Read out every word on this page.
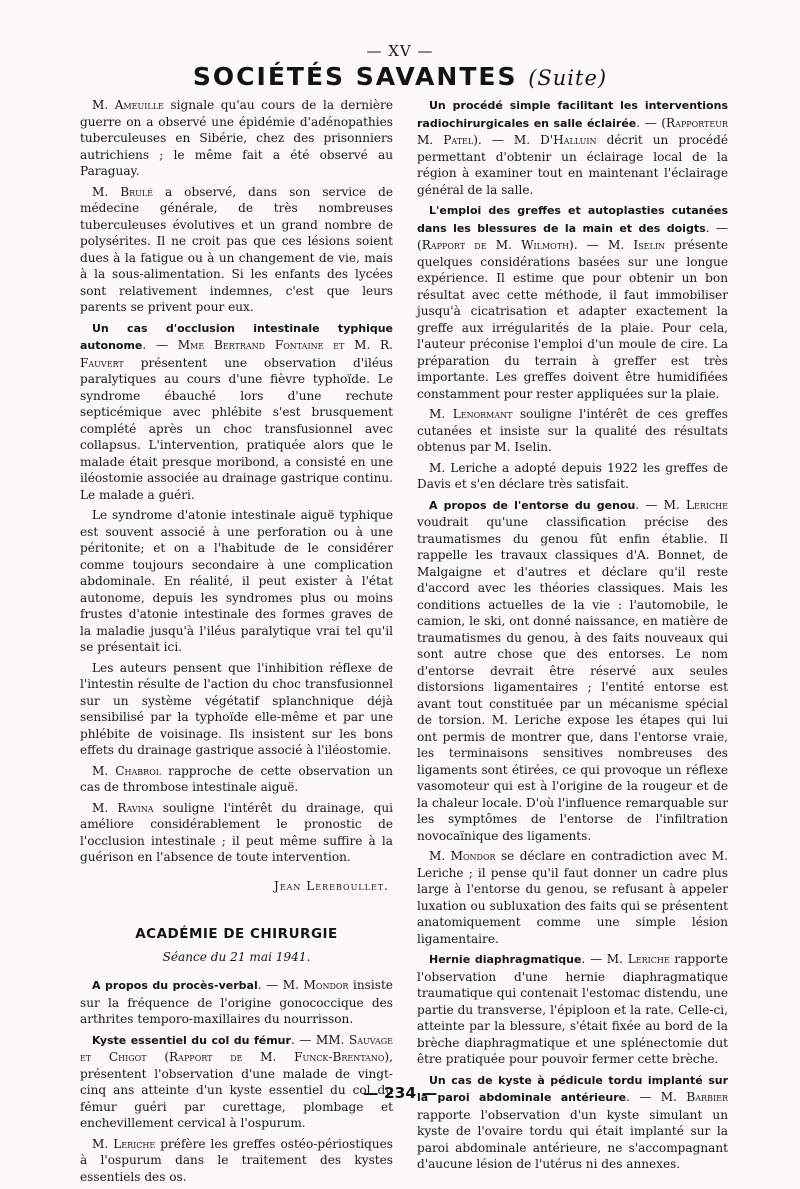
— XV —
SOCIÉTÉS SAVANTES (Suite)

M. Ameuille signale qu'au cours de la dernière guerre on a observé une épidémie d'adénopathies tuberculeuses en Sibérie, chez des prisonniers autrichiens ; le même fait a été observé au Paraguay.

M. Brulé a observé, dans son service de médecine générale, de très nombreuses tuberculeuses évolutives et un grand nombre de polysérites. Il ne croit pas que ces lésions soient dues à la fatigue ou à un changement de vie, mais à la sous-alimentation. Si les enfants des lycées sont relativement indemnes, c'est que leurs parents se privent pour eux.

Un cas d'occlusion intestinale typhique autonome. — Mme Bertrand Fontaine et M. R. Fauvert présentent une observation d'iléus paralytiques au cours d'une fièvre typhoïde. Le syndrome ébauché lors d'une rechute septicémique avec phlébite s'est brusquement complété après un choc transfusionnel avec collapsus. L'intervention, pratiquée alors que le malade était presque moribond, a consisté en une iléostomie associée au drainage gastrique continu. Le malade a guéri.

Le syndrome d'atonie intestinale aiguë typhique est souvent associé à une perforation ou à une péritonite; et on a l'habitude de le considérer comme toujours secondaire à une complication abdominale. En réalité, il peut exister à l'état autonome, depuis les syndromes plus ou moins frustes d'atonie intestinale des formes graves de la maladie jusqu'à l'iléus paralytique vrai tel qu'il se présentait ici.

Les auteurs pensent que l'inhibition réflexe de l'intestin résulte de l'action du choc transfusionnel sur un système végétatif splanchnique déjà sensibilisé par la typhoïde elle-même et par une phlébite de voisinage. Ils insistent sur les bons effets du drainage gastrique associé à l'iléostomie.

M. Chabrol rapproche de cette observation un cas de thrombose intestinale aiguë.

M. Ravina souligne l'intérêt du drainage, qui améliore considérablement le pronostic de l'occlusion intestinale ; il peut même suffire à la guérison en l'absence de toute intervention.

Jean Lereboullet.

ACADÉMIE DE CHIRURGIE

Séance du 21 mai 1941.

A propos du procès-verbal. — M. Mondor insiste sur la fréquence de l'origine gonococcique des arthrites temporo-maxillaires du nourrisson.

Kyste essentiel du col du fémur. — MM. Sauvage et Chigot (Rapport de M. Funck-Brentano), présentent l'observation d'une malade de vingt-cinq ans atteinte d'un kyste essentiel du col du fémur guéri par curettage, plombage et enchevillement cervical à l'ospurum.

M. Leriche préfère les greffes ostéo-périostiques à l'ospurum dans le traitement des kystes essentiels des os.

Un procédé simple facilitant les interventions radiochirurgicales en salle éclairée. — (Rapporteur M. Patel). — M. D'Halluin décrit un procédé permettant d'obtenir un éclairage local de la région à examiner tout en maintenant l'éclairage général de la salle.

L'emploi des greffes et autoplasties cutanées dans les blessures de la main et des doigts. — (Rapport de M. Wilmoth). — M. Iselin présente quelques considérations basées sur une longue expérience. Il estime que pour obtenir un bon résultat avec cette méthode, il faut immobiliser jusqu'à cicatrisation et adapter exactement la greffe aux irrégularités de la plaie. Pour cela, l'auteur préconise l'emploi d'un moule de cire. La préparation du terrain à greffer est très importante. Les greffes doivent être humidifiées constamment pour rester appliquées sur la plaie.

M. Lenormant souligne l'intérêt de ces greffes cutanées et insiste sur la qualité des résultats obtenus par M. Iselin.

M. Leriche a adopté depuis 1922 les greffes de Davis et s'en déclare très satisfait.

A propos de l'entorse du genou. — M. Leriche voudrait qu'une classification précise des traumatismes du genou fût enfin établie. Il rappelle les travaux classiques d'A. Bonnet, de Malgaigne et d'autres et déclare qu'il reste d'accord avec les théories classiques. Mais les conditions actuelles de la vie : l'automobile, le camion, le ski, ont donné naissance, en matière de traumatismes du genou, à des faits nouveaux qui sont autre chose que des entorses. Le nom d'entorse devrait être réservé aux seules distorsions ligamentaires ; l'entité entorse est avant tout constituée par un mécanisme spécial de torsion. M. Leriche expose les étapes qui lui ont permis de montrer que, dans l'entorse vraie, les terminaisons sensitives nombreuses des ligaments sont étirées, ce qui provoque un réflexe vasomoteur qui est à l'origine de la rougeur et de la chaleur locale. D'où l'influence remarquable sur les symptômes de l'entorse de l'infiltration novocaïnique des ligaments.

M. Mondor se déclare en contradiction avec M. Leriche ; il pense qu'il faut donner un cadre plus large à l'entorse du genou, se refusant à appeler luxation ou subluxation des faits qui se présentent anatomiquement comme une simple lésion ligamentaire.

Hernie diaphragmatique. — M. Leriche rapporte l'observation d'une hernie diaphragmatique traumatique qui contenait l'estomac distendu, une partie du transverse, l'épiploon et la rate. Celle-ci, atteinte par la blessure, s'était fixée au bord de la brèche diaphragmatique et une splénectomie dut être pratiquée pour pouvoir fermer cette brèche.

Un cas de kyste à pédicule tordu implanté sur la paroi abdominale antérieure. — M. Barbier rapporte l'observation d'un kyste simulant un kyste de l'ovaire tordu qui était implanté sur la paroi abdominale antérieure, ne s'accompagnant d'aucune lésion de l'utérus ni des annexes.

— 234 —
